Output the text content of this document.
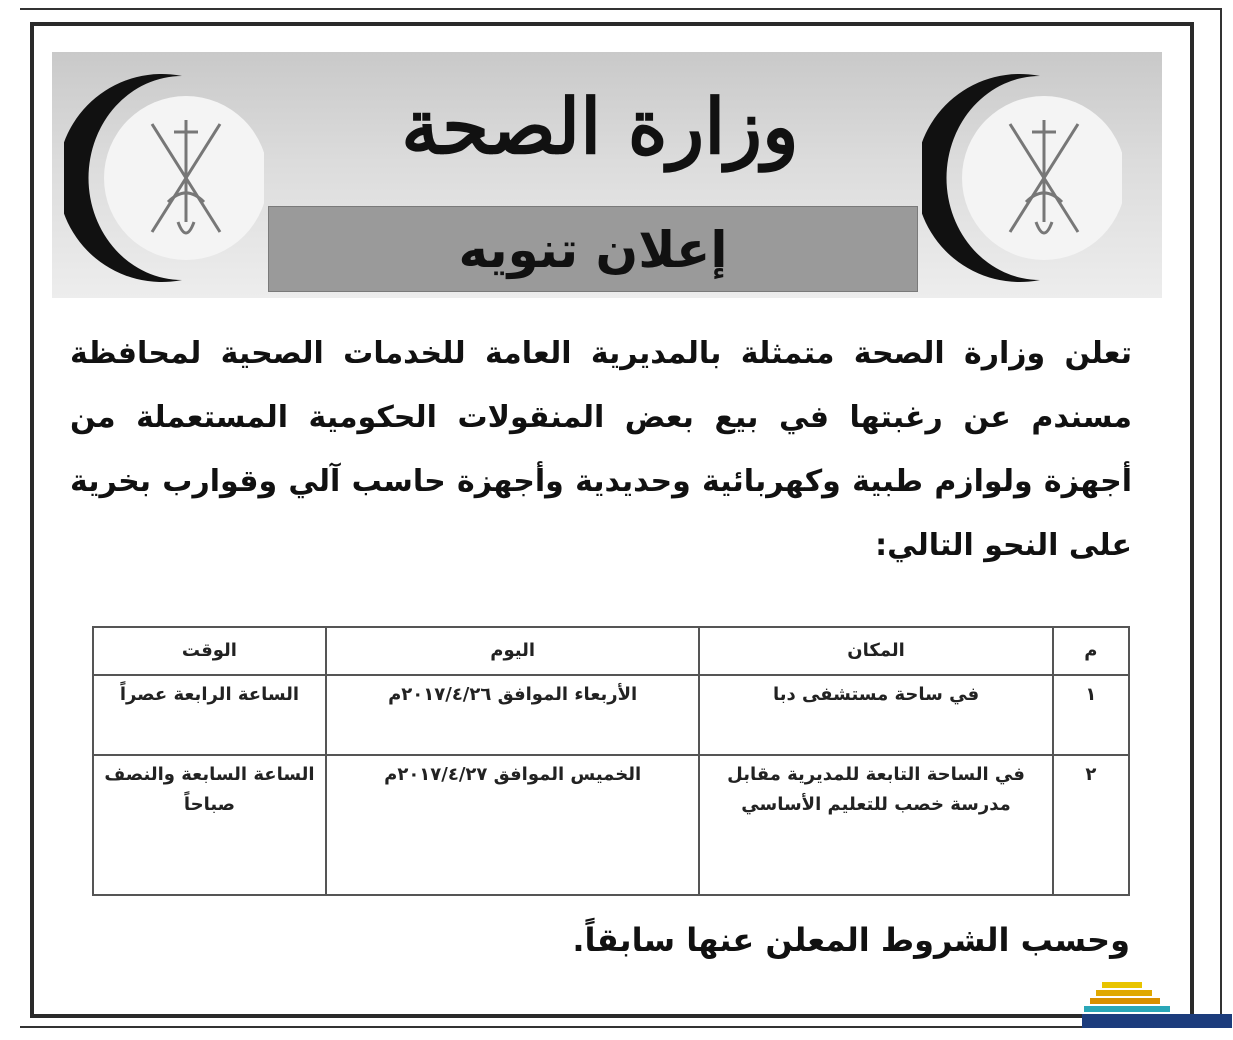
وزارة الصحة
إعلان تنويه
تعلن وزارة الصحة متمثلة بالمديرية العامة للخدمات الصحية لمحافظة مسندم عن رغبتها في بيع بعض المنقولات الحكومية المستعملة من أجهزة ولوازم طبية وكهربائية وحديدية وأجهزة حاسب آلي وقوارب بخرية على النحو التالي:
م	المكان	اليوم	الوقت
١	في ساحة مستشفى دبا	الأربعاء الموافق ٢٠١٧/٤/٢٦م	الساعة الرابعة عصراً
٢	في الساحة التابعة للمديرية مقابل مدرسة خصب للتعليم الأساسي	الخميس الموافق ٢٠١٧/٤/٢٧م	الساعة السابعة والنصف صباحاً
وحسب الشروط المعلن عنها سابقاً.
Musandam
